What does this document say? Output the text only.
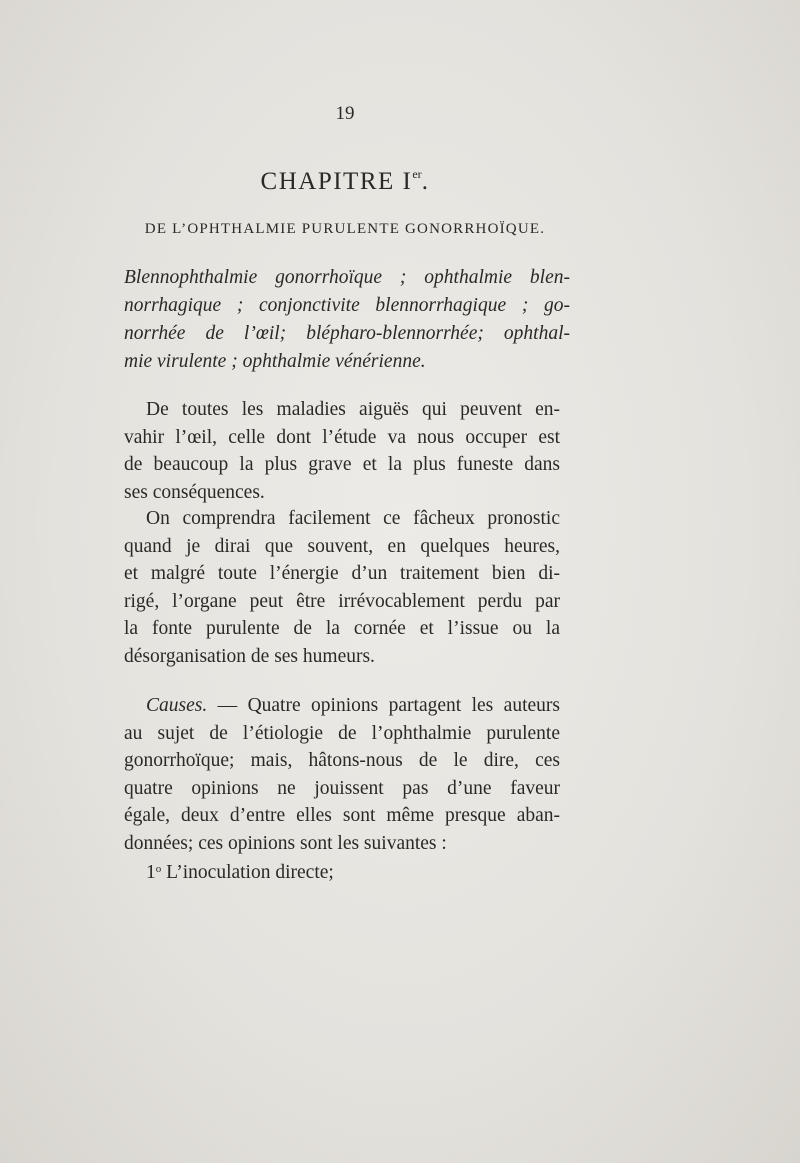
19
CHAPITRE Ier.
DE L’OPHTHALMIE PURULENTE GONORRHOÏQUE.
Blennophthalmie gonorrhoïque ; ophthalmie blen-
norrhagique ; conjonctivite blennorrhagique ; go-
norrhée de l’œil; blépharo-blennorrhée; ophthal-
mie virulente ; ophthalmie vénérienne.
De toutes les maladies aiguës qui peuvent en-
vahir l’œil, celle dont l’étude va nous occuper est
de beaucoup la plus grave et la plus funeste dans
ses conséquences.
On comprendra facilement ce fâcheux pronostic
quand je dirai que souvent, en quelques heures,
et malgré toute l’énergie d’un traitement bien di-
rigé, l’organe peut être irrévocablement perdu par
la fonte purulente de la cornée et l’issue ou la
désorganisation de ses humeurs.
Causes. — Quatre opinions partagent les auteurs
au sujet de l’étiologie de l’ophthalmie purulente
gonorrhoïque; mais, hâtons-nous de le dire, ces
quatre opinions ne jouissent pas d’une faveur
égale, deux d’entre elles sont même presque aban-
données; ces opinions sont les suivantes :
1$^o$ L’inoculation directe;
